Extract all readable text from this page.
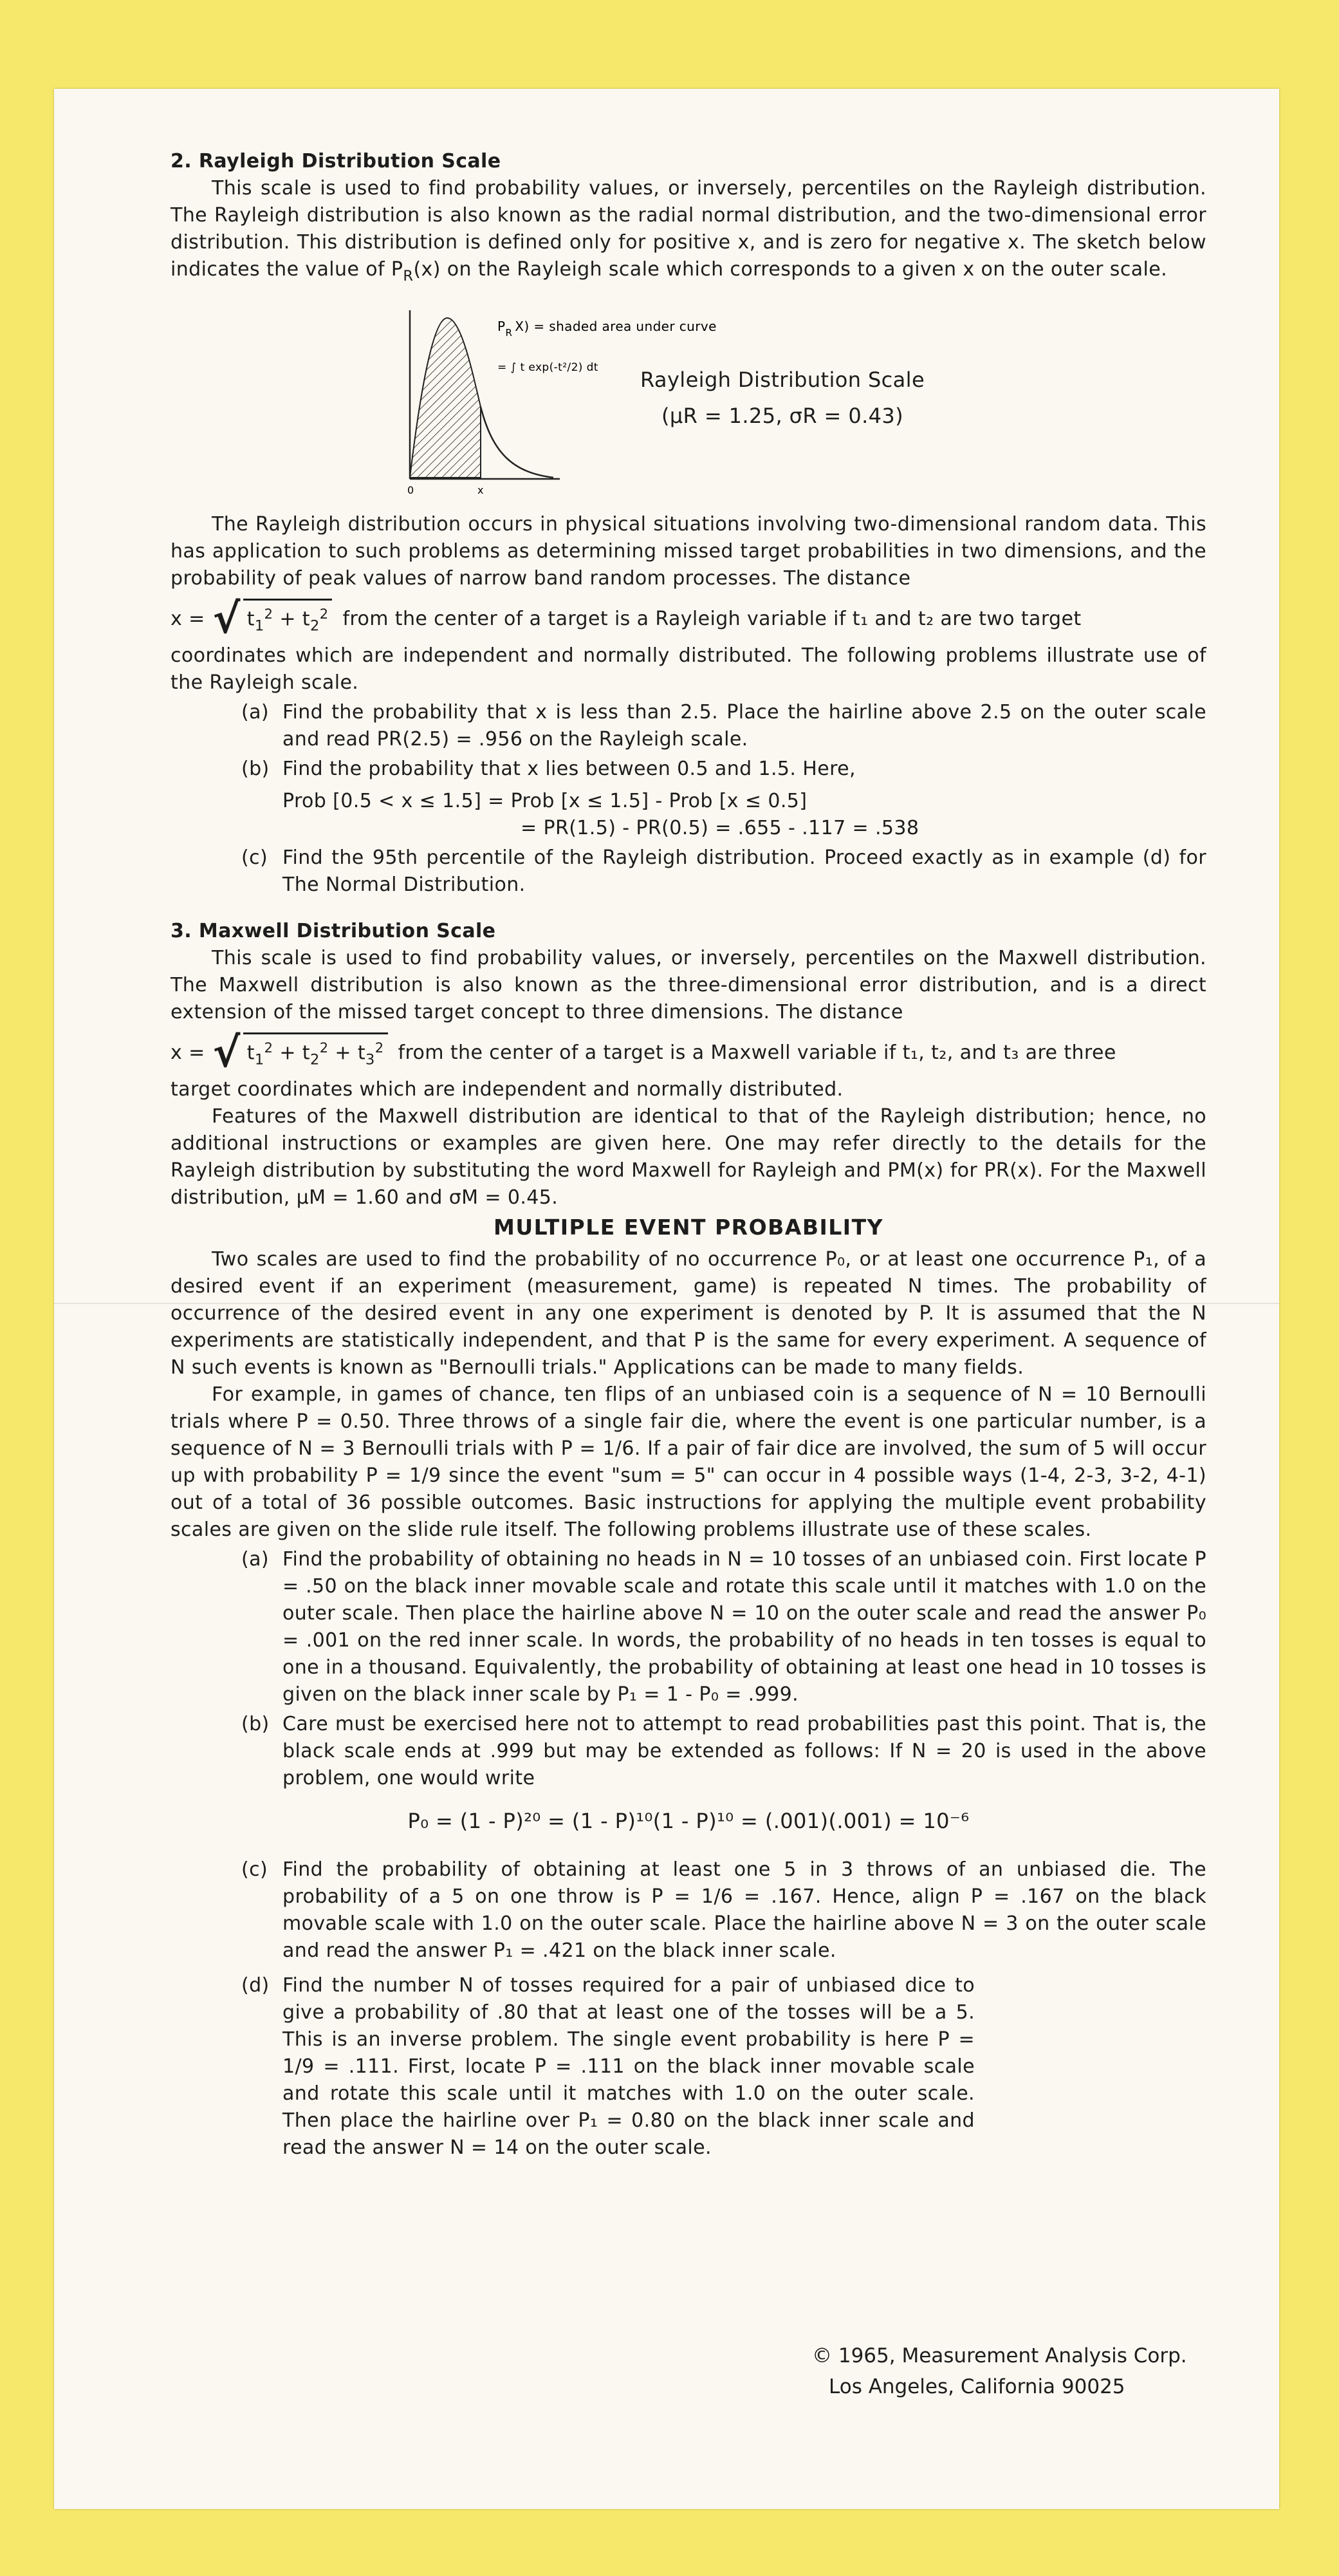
2. Rayleigh Distribution Scale

This scale is used to find probability values, or inversely, percentiles on the Rayleigh distribution. The Rayleigh distribution is also known as the radial normal distribution, and the two-dimensional error distribution. This distribution is defined only for positive x, and is zero for negative x. The sketch below indicates the value of $P_R(x)$ on the Rayleigh scale which corresponds to a given x on the outer scale.

0	x
$P_R$ X) = shaded area under curve
= ∫ t exp(-t²/2) dt Rayleigh Distribution Scale
(μR = 1.25, σR = 0.43)

The Rayleigh distribution occurs in physical situations involving two-dimensional random data. This has application to such problems as determining missed target probabilities in two dimensions, and the probability of peak values of narrow band random processes. The distance

x = √ $t_1^2 + t_2^2$ from the center of a target is a Rayleigh variable if t₁ and t₂ are two target

coordinates which are independent and normally distributed. The following problems illustrate use of the Rayleigh scale.

(a) Find the probability that x is less than 2.5. Place the hairline above 2.5 on the outer scale and read PR(2.5) = .956 on the Rayleigh scale.
(b) Find the probability that x lies between 0.5 and 1.5. Here,
Prob [0.5 < x ≤ 1.5] = Prob [x ≤ 1.5] - Prob [x ≤ 0.5]
= PR(1.5) - PR(0.5) = .655 - .117 = .538
(c) Find the 95th percentile of the Rayleigh distribution. Proceed exactly as in example (d) for The Normal Distribution.

3. Maxwell Distribution Scale

This scale is used to find probability values, or inversely, percentiles on the Maxwell distribution. The Maxwell distribution is also known as the three-dimensional error distribution, and is a direct extension of the missed target concept to three dimensions. The distance

x = √ $t_1^2 + t_2^2 + t_3^2$ from the center of a target is a Maxwell variable if t₁, t₂, and t₃ are three

target coordinates which are independent and normally distributed.

Features of the Maxwell distribution are identical to that of the Rayleigh distribution; hence, no additional instructions or examples are given here. One may refer directly to the details for the Rayleigh distribution by substituting the word Maxwell for Rayleigh and PM(x) for PR(x). For the Maxwell distribution, μM = 1.60 and σM = 0.45.

MULTIPLE EVENT PROBABILITY

Two scales are used to find the probability of no occurrence P₀, or at least one occurrence P₁, of a desired event if an experiment (measurement, game) is repeated N times. The probability of occurrence of the desired event in any one experiment is denoted by P. It is assumed that the N experiments are statistically independent, and that P is the same for every experiment. A sequence of N such events is known as "Bernoulli trials." Applications can be made to many fields.

For example, in games of chance, ten flips of an unbiased coin is a sequence of N = 10 Bernoulli trials where P = 0.50. Three throws of a single fair die, where the event is one particular number, is a sequence of N = 3 Bernoulli trials with P = 1/6. If a pair of fair dice are involved, the sum of 5 will occur up with probability P = 1/9 since the event "sum = 5" can occur in 4 possible ways (1-4, 2-3, 3-2, 4-1) out of a total of 36 possible outcomes. Basic instructions for applying the multiple event probability scales are given on the slide rule itself. The following problems illustrate use of these scales.

(a) Find the probability of obtaining no heads in N = 10 tosses of an unbiased coin. First locate P = .50 on the black inner movable scale and rotate this scale until it matches with 1.0 on the outer scale. Then place the hairline above N = 10 on the outer scale and read the answer P₀ = .001 on the red inner scale. In words, the probability of no heads in ten tosses is equal to one in a thousand. Equivalently, the probability of obtaining at least one head in 10 tosses is given on the black inner scale by P₁ = 1 - P₀ = .999.
(b) Care must be exercised here not to attempt to read probabilities past this point. That is, the black scale ends at .999 but may be extended as follows: If N = 20 is used in the above problem, one would write
P₀ = (1 - P)²⁰ = (1 - P)¹⁰(1 - P)¹⁰ = (.001)(.001) = 10⁻⁶
(c) Find the probability of obtaining at least one 5 in 3 throws of an unbiased die. The probability of a 5 on one throw is P = 1/6 = .167. Hence, align P = .167 on the black movable scale with 1.0 on the outer scale. Place the hairline above N = 3 on the outer scale and read the answer P₁ = .421 on the black inner scale.
(d) Find the number N of tosses required for a pair of unbiased dice to give a probability of .80 that at least one of the tosses will be a 5. This is an inverse problem. The single event probability is here P = 1/9 = .111. First, locate P = .111 on the black inner movable scale and rotate this scale until it matches with 1.0 on the outer scale. Then place the hairline over P₁ = 0.80 on the black inner scale and read the answer N = 14 on the outer scale.
© 1965, Measurement Analysis Corp.
Los Angeles, California 90025
